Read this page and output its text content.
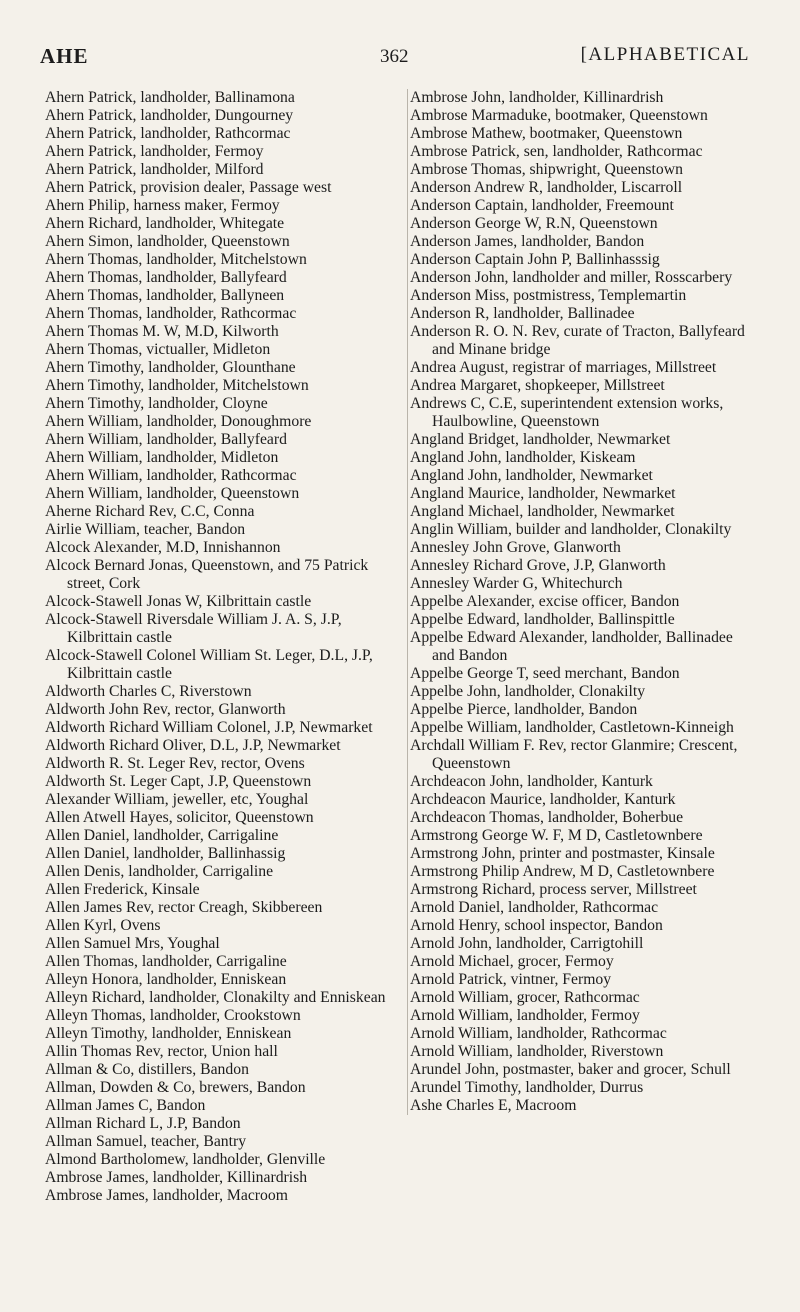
AHE	362	[ALPHABETICAL
Ahern Patrick, landholder, Ballinamona
Ahern Patrick, landholder, Dungourney
Ahern Patrick, landholder, Rathcormac
Ahern Patrick, landholder, Fermoy
Ahern Patrick, landholder, Milford
Ahern Patrick, provision dealer, Passage west
Ahern Philip, harness maker, Fermoy
Ahern Richard, landholder, Whitegate
Ahern Simon, landholder, Queenstown
Ahern Thomas, landholder, Mitchelstown
Ahern Thomas, landholder, Ballyfeard
Ahern Thomas, landholder, Ballyneen
Ahern Thomas, landholder, Rathcormac
Ahern Thomas M. W, M.D, Kilworth
Ahern Thomas, victualler, Midleton
Ahern Timothy, landholder, Glounthane
Ahern Timothy, landholder, Mitchelstown
Ahern Timothy, landholder, Cloyne
Ahern William, landholder, Donoughmore
Ahern William, landholder, Ballyfeard
Ahern William, landholder, Midleton
Ahern William, landholder, Rathcormac
Ahern William, landholder, Queenstown
Aherne Richard Rev, C.C, Conna
Airlie William, teacher, Bandon
Alcock Alexander, M.D, Innishannon
Alcock Bernard Jonas, Queenstown, and 75 Patrick street, Cork
Alcock-Stawell Jonas W, Kilbrittain castle
Alcock-Stawell Riversdale William J. A. S, J.P, Kilbrittain castle
Alcock-Stawell Colonel William St. Leger, D.L, J.P, Kilbrittain castle
Aldworth Charles C, Riverstown
Aldworth John Rev, rector, Glanworth
Aldworth Richard William Colonel, J.P, Newmarket
Aldworth Richard Oliver, D.L, J.P, Newmarket
Aldworth R. St. Leger Rev, rector, Ovens
Aldworth St. Leger Capt, J.P, Queenstown
Alexander William, jeweller, etc, Youghal
Allen Atwell Hayes, solicitor, Queenstown
Allen Daniel, landholder, Carrigaline
Allen Daniel, landholder, Ballinhassig
Allen Denis, landholder, Carrigaline
Allen Frederick, Kinsale
Allen James Rev, rector Creagh, Skibbereen
Allen Kyrl, Ovens
Allen Samuel Mrs, Youghal
Allen Thomas, landholder, Carrigaline
Alleyn Honora, landholder, Enniskean
Alleyn Richard, landholder, Clonakilty and Enniskean
Alleyn Thomas, landholder, Crookstown
Alleyn Timothy, landholder, Enniskean
Allin Thomas Rev, rector, Union hall
Allman & Co, distillers, Bandon
Allman, Dowden & Co, brewers, Bandon
Allman James C, Bandon
Allman Richard L, J.P, Bandon
Allman Samuel, teacher, Bantry
Almond Bartholomew, landholder, Glenville
Ambrose James, landholder, Killinardrish
Ambrose James, landholder, Macroom
Ambrose John, landholder, Killinardrish
Ambrose Marmaduke, bootmaker, Queenstown
Ambrose Mathew, bootmaker, Queenstown
Ambrose Patrick, sen, landholder, Rathcormac
Ambrose Thomas, shipwright, Queenstown
Anderson Andrew R, landholder, Liscarroll
Anderson Captain, landholder, Freemount
Anderson George W, R.N, Queenstown
Anderson James, landholder, Bandon
Anderson Captain John P, Ballinhasssig
Anderson John, landholder and miller, Rosscarbery
Anderson Miss, postmistress, Templemartin
Anderson R, landholder, Ballinadee
Anderson R. O. N. Rev, curate of Tracton, Ballyfeard and Minane bridge
Andrea August, registrar of marriages, Millstreet
Andrea Margaret, shopkeeper, Millstreet
Andrews C, C.E, superintendent extension works, Haulbowline, Queenstown
Angland Bridget, landholder, Newmarket
Angland John, landholder, Kiskeam
Angland John, landholder, Newmarket
Angland Maurice, landholder, Newmarket
Angland Michael, landholder, Newmarket
Anglin William, builder and landholder, Clonakilty
Annesley John Grove, Glanworth
Annesley Richard Grove, J.P, Glanworth
Annesley Warder G, Whitechurch
Appelbe Alexander, excise officer, Bandon
Appelbe Edward, landholder, Ballinspittle
Appelbe Edward Alexander, landholder, Ballinadee and Bandon
Appelbe George T, seed merchant, Bandon
Appelbe John, landholder, Clonakilty
Appelbe Pierce, landholder, Bandon
Appelbe William, landholder, Castletown-Kinneigh
Archdall William F. Rev, rector Glanmire; Crescent, Queenstown
Archdeacon John, landholder, Kanturk
Archdeacon Maurice, landholder, Kanturk
Archdeacon Thomas, landholder, Boherbue
Armstrong George W. F, M D, Castletownbere
Armstrong John, printer and postmaster, Kinsale
Armstrong Philip Andrew, M D, Castletownbere
Armstrong Richard, process server, Millstreet
Arnold Daniel, landholder, Rathcormac
Arnold Henry, school inspector, Bandon
Arnold John, landholder, Carrigtohill
Arnold Michael, grocer, Fermoy
Arnold Patrick, vintner, Fermoy
Arnold William, grocer, Rathcormac
Arnold William, landholder, Fermoy
Arnold William, landholder, Rathcormac
Arnold William, landholder, Riverstown
Arundel John, postmaster, baker and grocer, Schull
Arundel Timothy, landholder, Durrus
Ashe Charles E, Macroom
